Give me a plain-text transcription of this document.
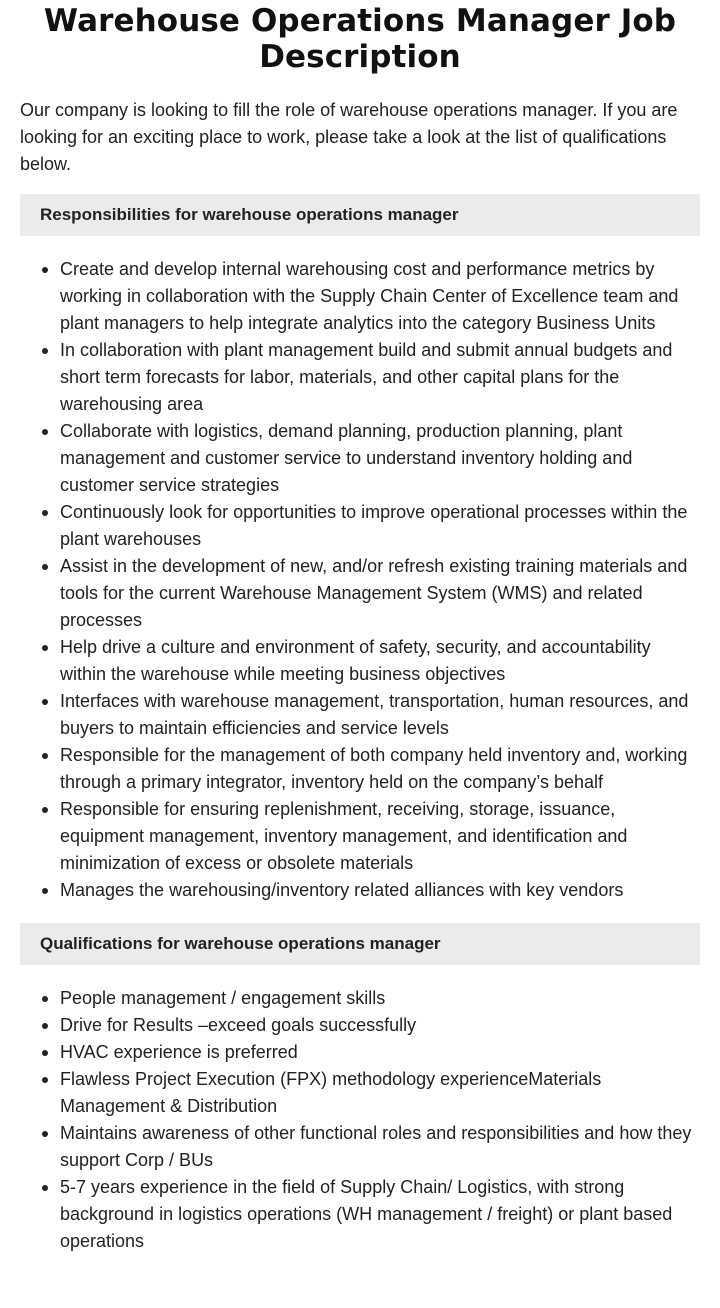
Warehouse Operations Manager Job Description

Our company is looking to fill the role of warehouse operations manager. If you are looking for an exciting place to work, please take a look at the list of qualifications below.

Responsibilities for warehouse operations manager
Create and develop internal warehousing cost and performance metrics by working in collaboration with the Supply Chain Center of Excellence team and plant managers to help integrate analytics into the category Business Units
In collaboration with plant management build and submit annual budgets and short term forecasts for labor, materials, and other capital plans for the warehousing area
Collaborate with logistics, demand planning, production planning, plant management and customer service to understand inventory holding and customer service strategies
Continuously look for opportunities to improve operational processes within the plant warehouses
Assist in the development of new, and/or refresh existing training materials and tools for the current Warehouse Management System (WMS) and related processes
Help drive a culture and environment of safety, security, and accountability within the warehouse while meeting business objectives
Interfaces with warehouse management, transportation, human resources, and buyers to maintain efficiencies and service levels
Responsible for the management of both company held inventory and, working through a primary integrator, inventory held on the company’s behalf
Responsible for ensuring replenishment, receiving, storage, issuance, equipment management, inventory management, and identification and minimization of excess or obsolete materials
Manages the warehousing/inventory related alliances with key vendors
Qualifications for warehouse operations manager
People management / engagement skills
Drive for Results –exceed goals successfully
HVAC experience is preferred
Flawless Project Execution (FPX) methodology experienceMaterials Management & Distribution
Maintains awareness of other functional roles and responsibilities and how they support Corp / BUs
5-7 years experience in the field of Supply Chain/ Logistics, with strong background in logistics operations (WH management / freight) or plant based operations
